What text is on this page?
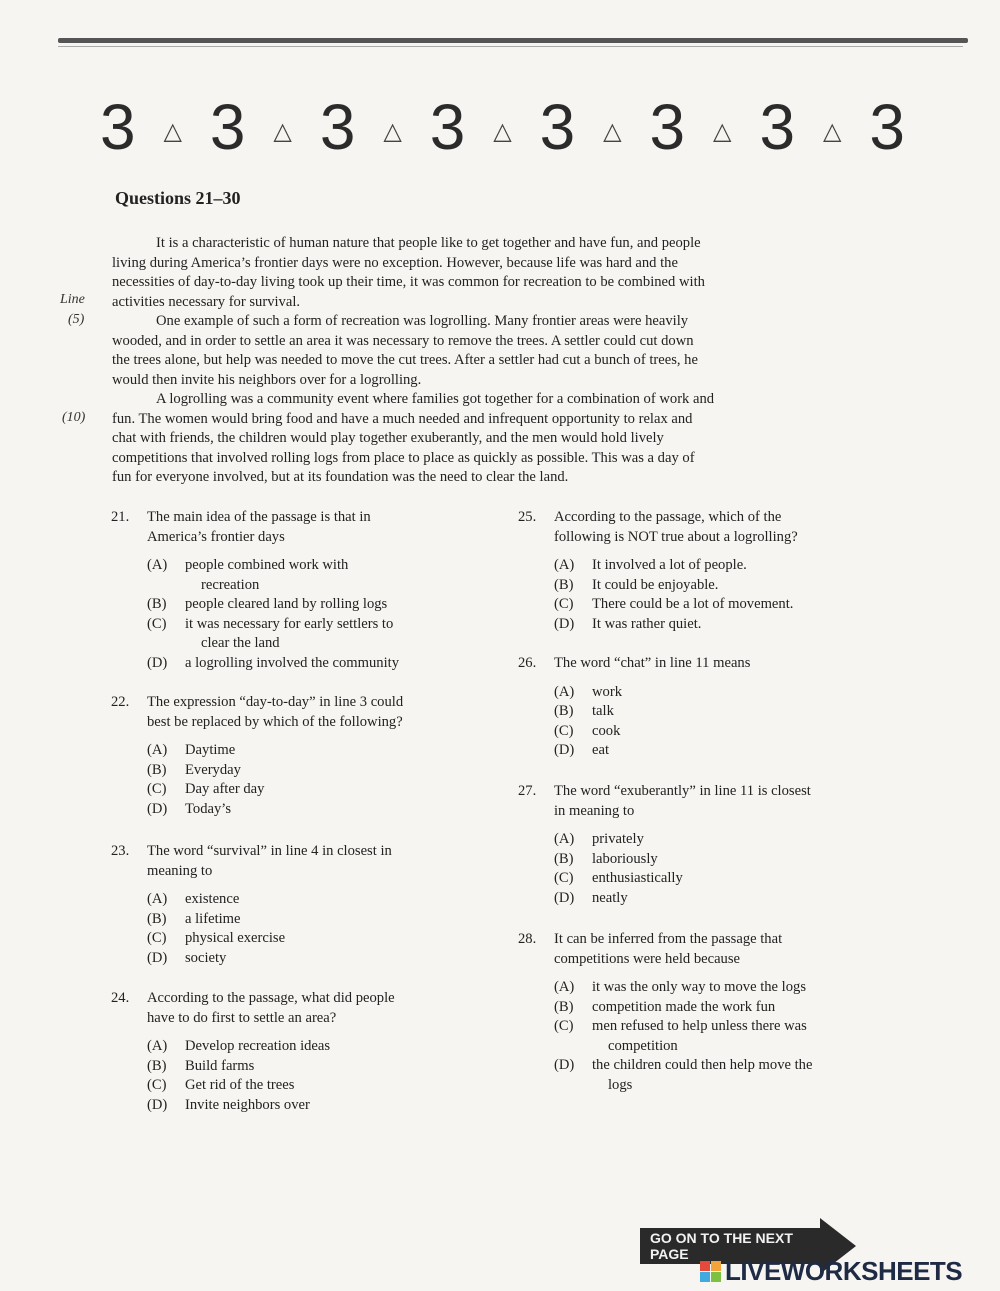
3 △ 3 △ 3 △ 3 △ 3 △ 3 △ 3 △ 3
Questions 21–30
It is a characteristic of human nature that people like to get together and have fun, and people
living during America’s frontier days were no exception. However, because life was hard and the
necessities of day-to-day living took up their time, it was common for recreation to be combined with
activities necessary for survival.
One example of such a form of recreation was logrolling. Many frontier areas were heavily
wooded, and in order to settle an area it was necessary to remove the trees. A settler could cut down
the trees alone, but help was needed to move the cut trees. After a settler had cut a bunch of trees, he
would then invite his neighbors over for a logrolling.
A logrolling was a community event where families got together for a combination of work and
fun. The women would bring food and have a much needed and infrequent opportunity to relax and
chat with friends, the children would play together exuberantly, and the men would hold lively
competitions that involved rolling logs from place to place as quickly as possible. This was a day of
fun for everyone involved, but at its foundation was the need to clear the land.
Line
(5)
(10)
21.	The main idea of the passage is that in
America’s frontier days
(A)	people combined work with
recreation
(B)	people cleared land by rolling logs
(C)	it was necessary for early settlers to
clear the land
(D)	a logrolling involved the community
22.	The expression “day-to-day” in line 3 could
best be replaced by which of the following?
(A)	Daytime
(B)	Everyday
(C)	Day after day
(D)	Today’s
23.	The word “survival” in line 4 in closest in
meaning to
(A)	existence
(B)	a lifetime
(C)	physical exercise
(D)	society
24.	According to the passage, what did people
have to do first to settle an area?
(A)	Develop recreation ideas
(B)	Build farms
(C)	Get rid of the trees
(D)	Invite neighbors over
25.	According to the passage, which of the
following is NOT true about a logrolling?
(A)	It involved a lot of people.
(B)	It could be enjoyable.
(C)	There could be a lot of movement.
(D)	It was rather quiet.
26.	The word “chat” in line 11 means
(A)	work
(B)	talk
(C)	cook
(D)	eat
27.	The word “exuberantly” in line 11 is closest
in meaning to
(A)	privately
(B)	laboriously
(C)	enthusiastically
(D)	neatly
28.	It can be inferred from the passage that
competitions were held because
(A)	it was the only way to move the logs
(B)	competition made the work fun
(C)	men refused to help unless there was
competition
(D)	the children could then help move the
logs
GO ON TO THE NEXT PAGE
LIVEWORKSHEETS
